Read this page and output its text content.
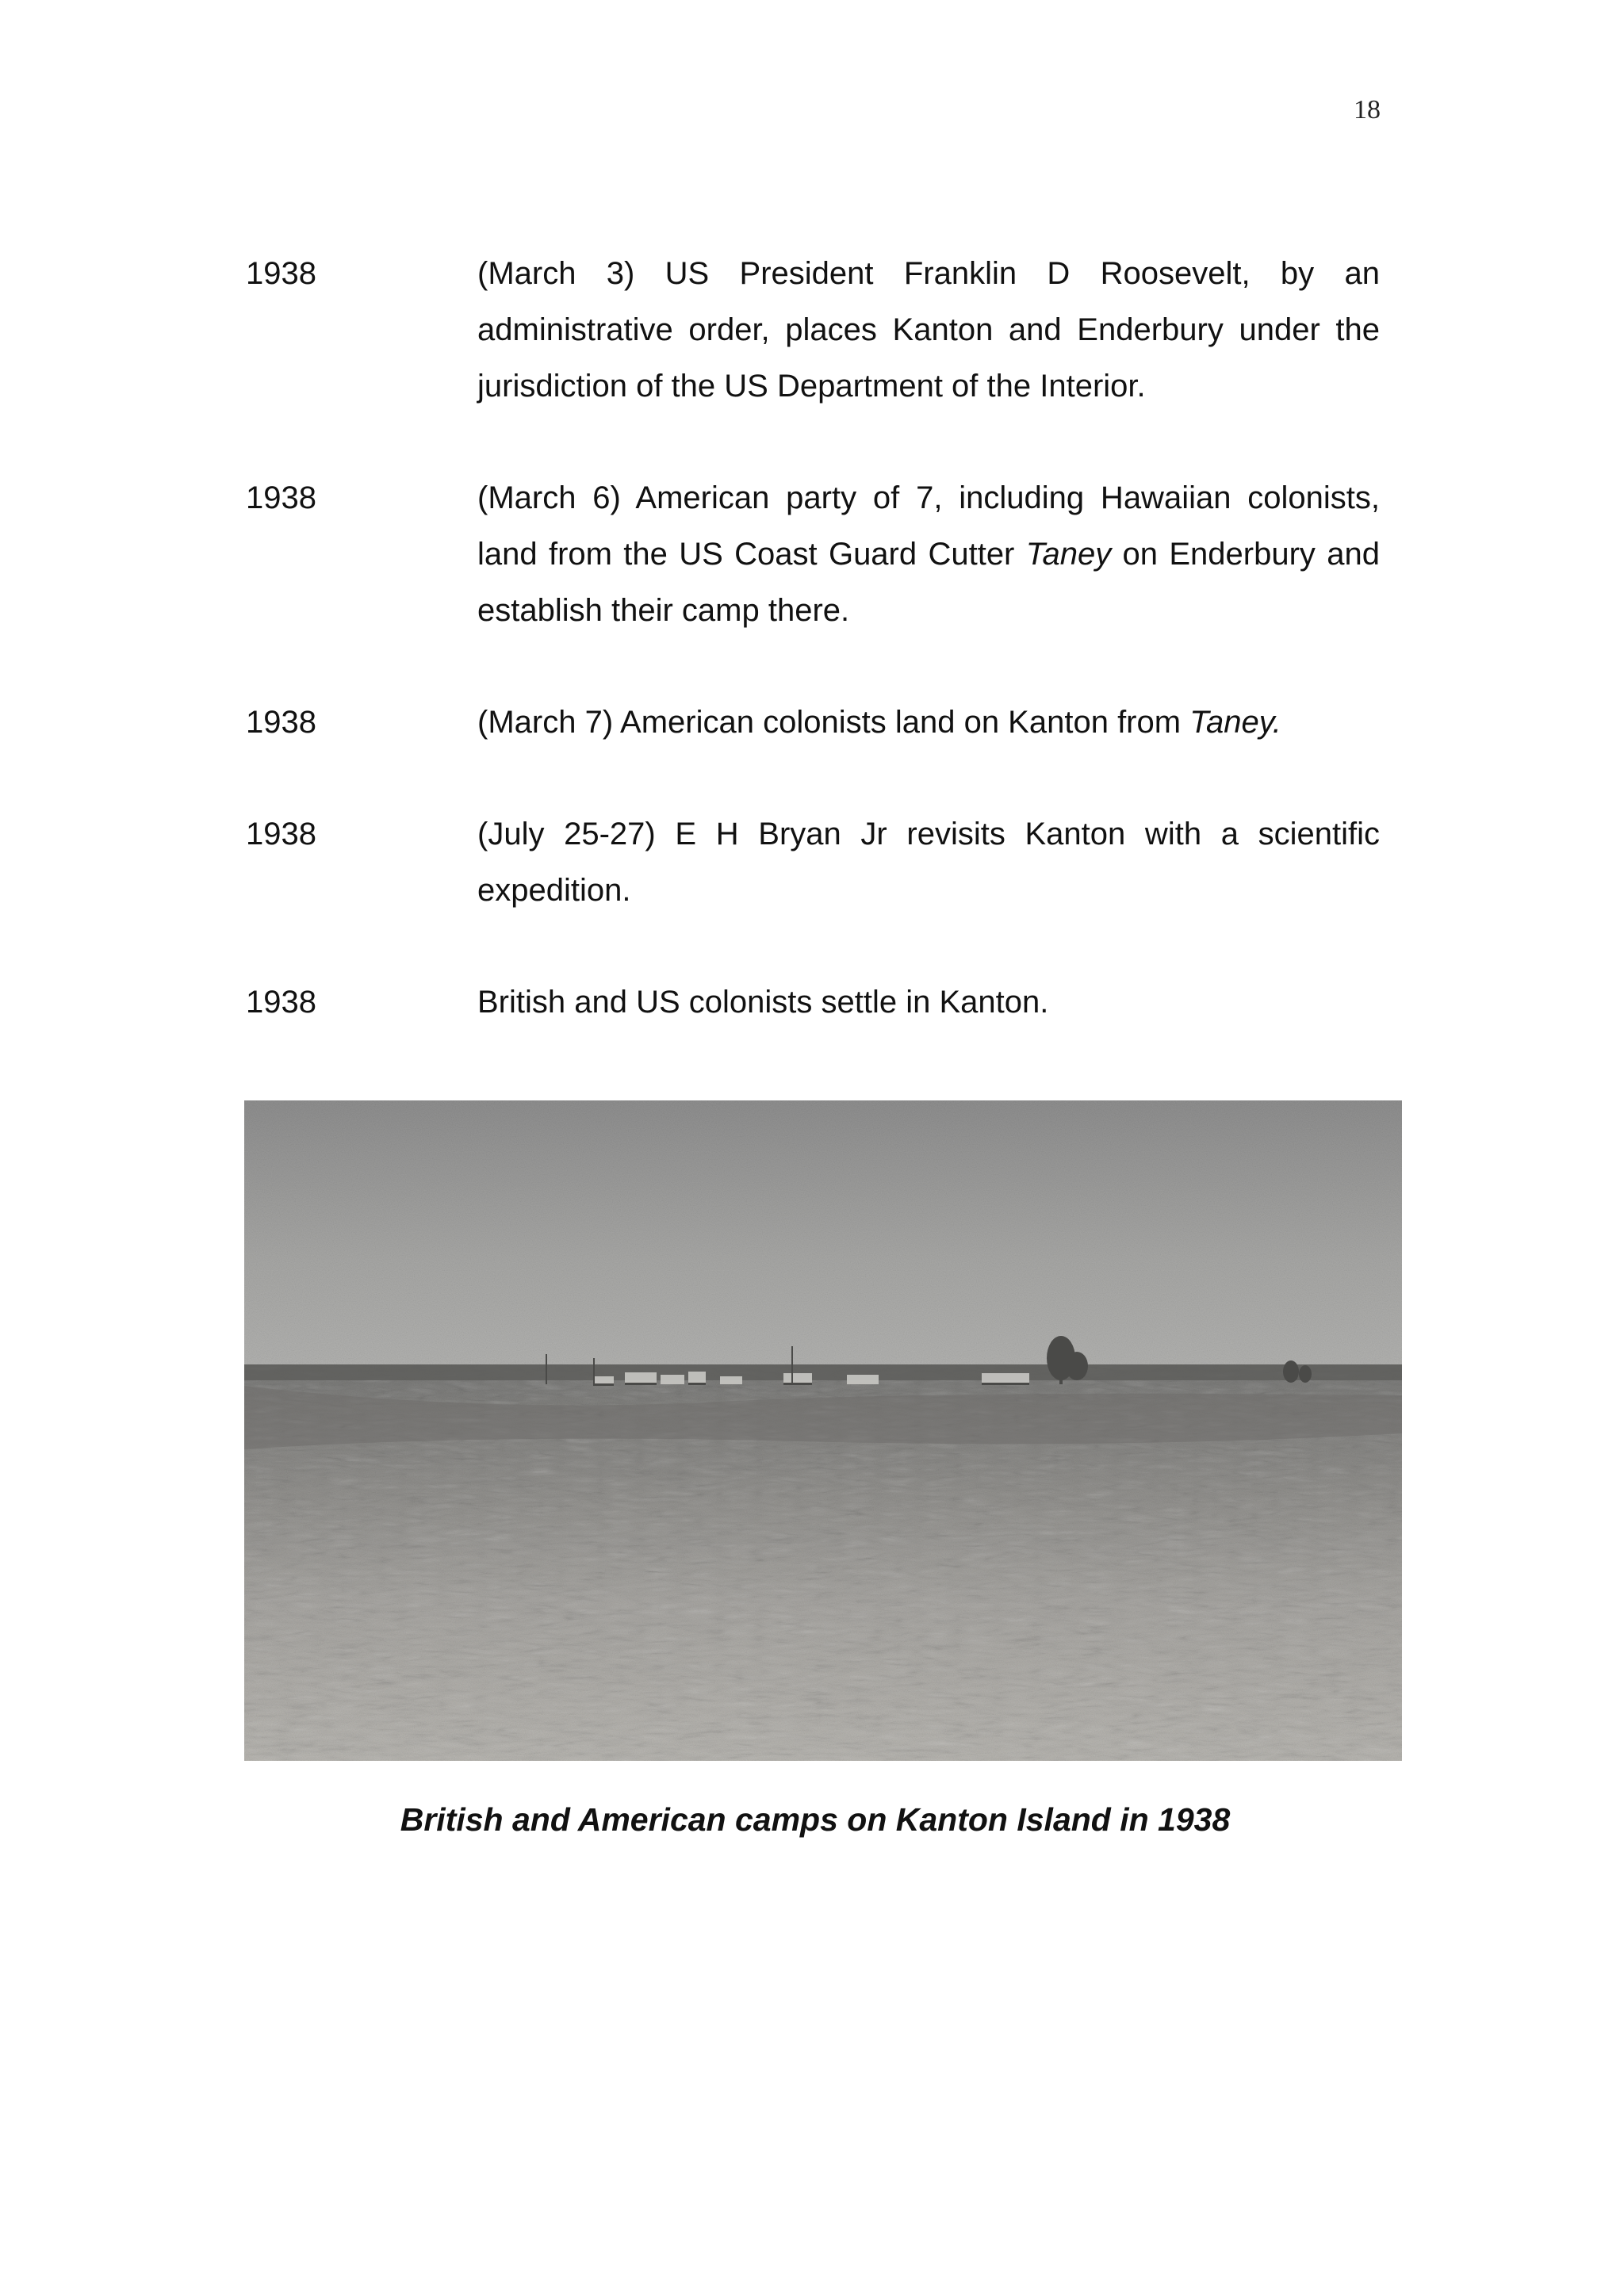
18
1938	(March 3) US President Franklin D Roosevelt, by an administrative order, places Kanton and Enderbury under the jurisdiction of the US Department of the Interior.
1938	(March 6) American party of 7, including Hawaiian colonists, land from the US Coast Guard Cutter Taney on Enderbury and establish their camp there.
1938	(March 7) American colonists land on Kanton from Taney.
1938	(July 25-27) E H Bryan Jr revisits Kanton with a scientific expedition.
1938	British and US colonists settle in Kanton.
British and American camps on Kanton Island in 1938
